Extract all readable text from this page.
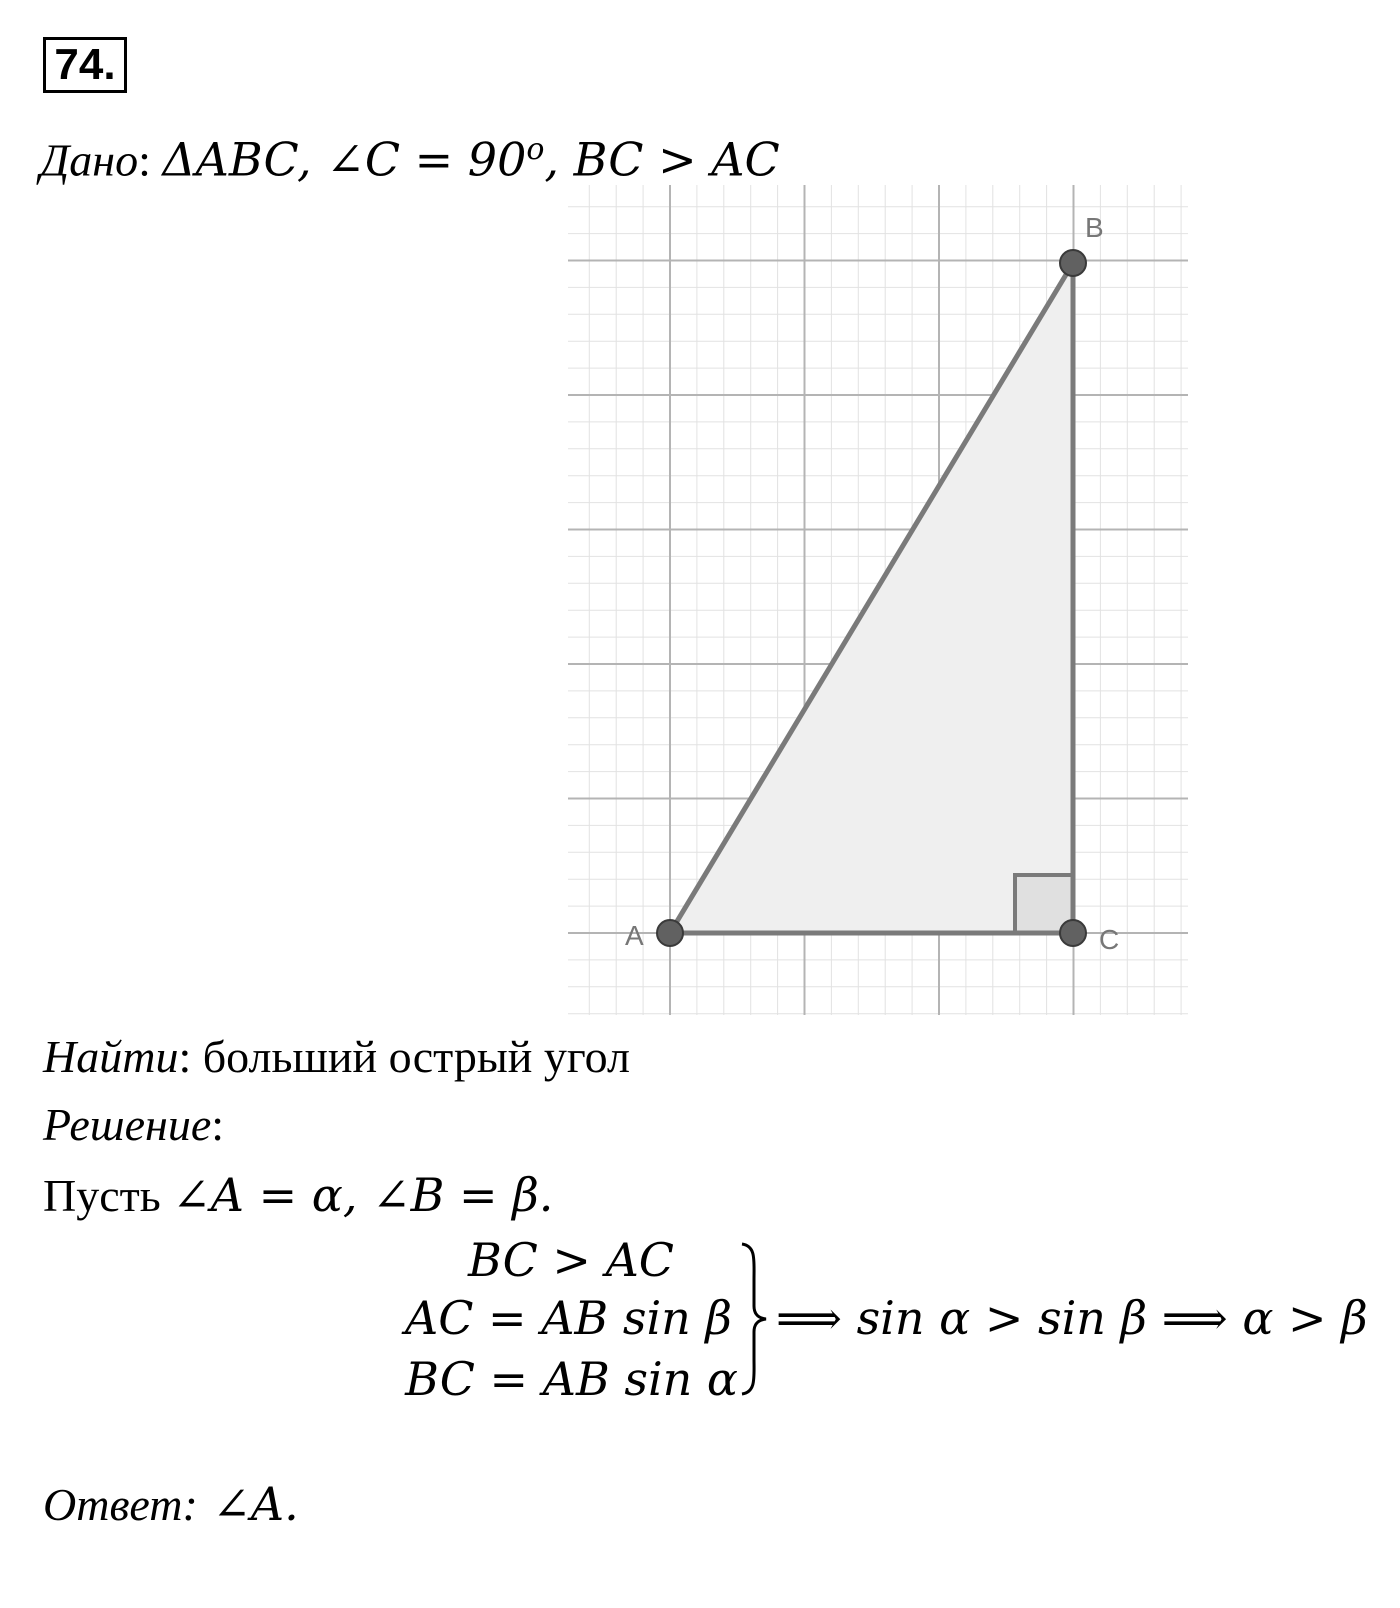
74.
Дано: ΔABC, ∠C = $90^o$, BC > AC
A
B
C
Найти: больший острый угол
Решение:
Пусть ∠A = α, ∠B = β.
BC > AC
AC = AB sin β
BC = AB sin α
⟹ sin α > sin β ⟹ α > β
Ответ: ∠A.
